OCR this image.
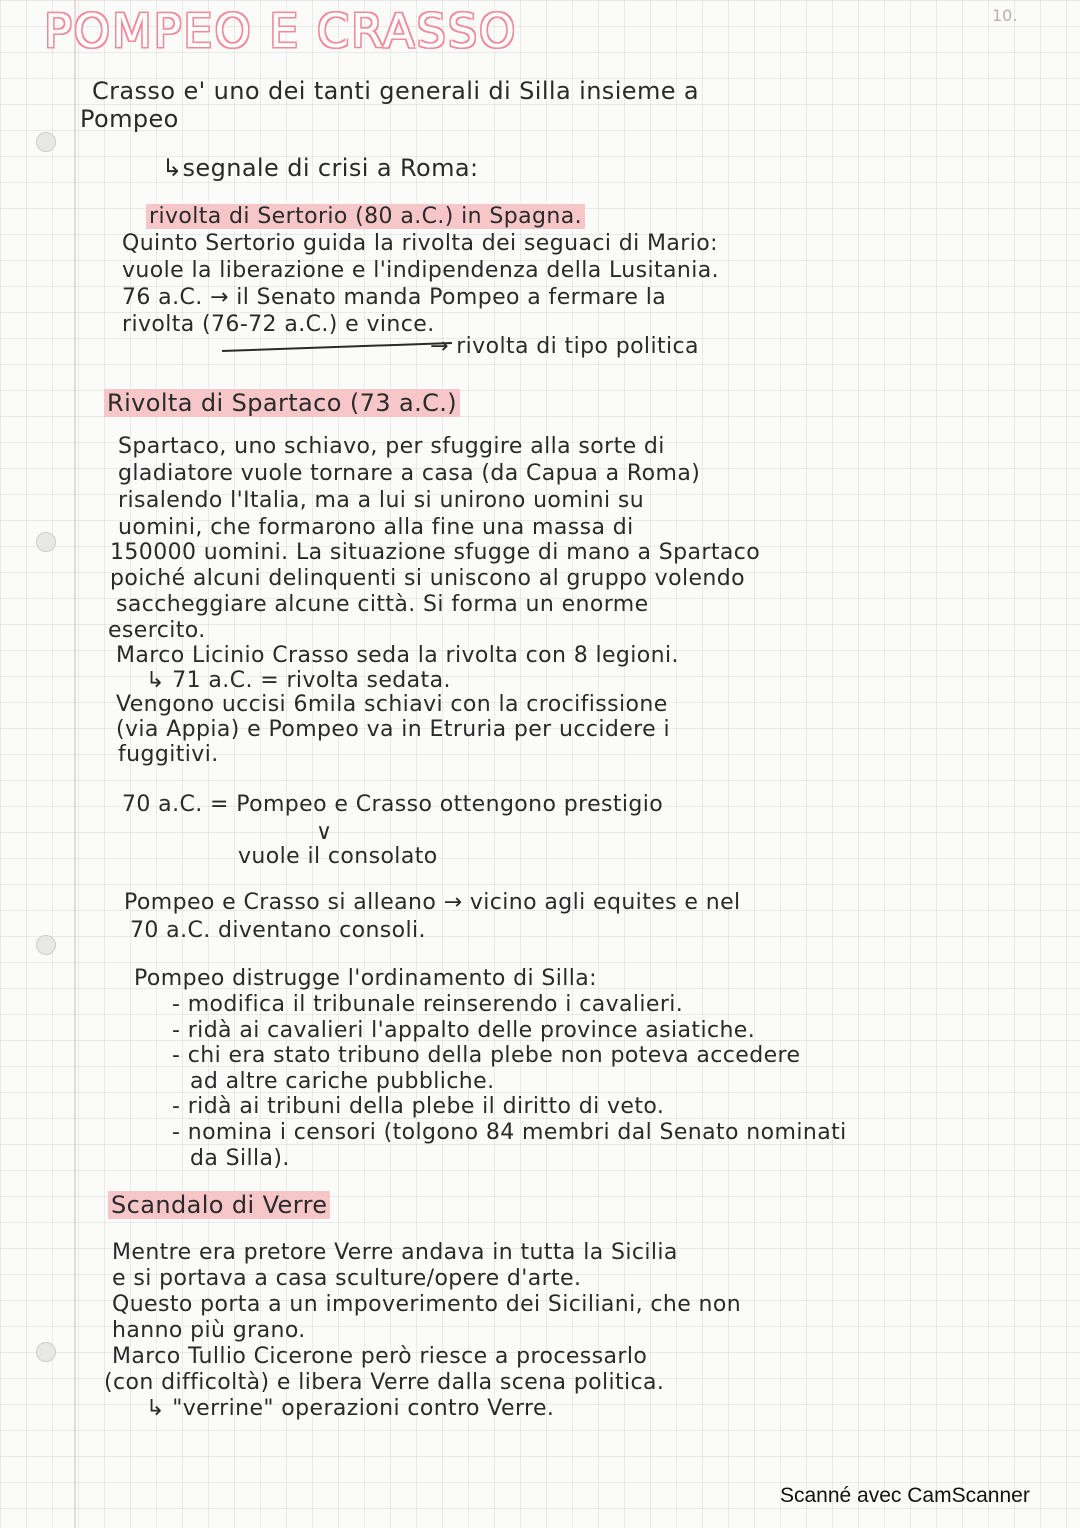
POMPEO E CRASSO	10.
Crasso e' uno dei tanti generali di Silla insieme a
Pompeo
↳segnale di crisi a Roma:
rivolta di Sertorio (80 a.C.) in Spagna.
Quinto Sertorio guida la rivolta dei seguaci di Mario:
vuole la liberazione e l'indipendenza della Lusitania.
76 a.C. → il Senato manda Pompeo a fermare la
rivolta (76-72 a.C.) e vince.
→ rivolta di tipo politica
Rivolta di Spartaco (73 a.C.)
Spartaco, uno schiavo, per sfuggire alla sorte di
gladiatore vuole tornare a casa (da Capua a Roma)
risalendo l'Italia, ma a lui si unirono uomini su
uomini, che formarono alla fine una massa di
150000 uomini. La situazione sfugge di mano a Spartaco
poiché alcuni delinquenti si uniscono al gruppo volendo
saccheggiare alcune città. Si forma un enorme
esercito.
Marco Licinio Crasso seda la rivolta con 8 legioni.
↳ 71 a.C. = rivolta sedata.
Vengono uccisi 6mila schiavi con la crocifissione
(via Appia) e Pompeo va in Etruria per uccidere i
fuggitivi.
70 a.C. = Pompeo e Crasso ottengono prestigio
∨
vuole il consolato
Pompeo e Crasso si alleano → vicino agli equites e nel
70 a.C. diventano consoli.
Pompeo distrugge l'ordinamento di Silla:
- modifica il tribunale reinserendo i cavalieri.
- ridà ai cavalieri l'appalto delle province asiatiche.
- chi era stato tribuno della plebe non poteva accedere
ad altre cariche pubbliche.
- ridà ai tribuni della plebe il diritto di veto.
- nomina i censori (tolgono 84 membri dal Senato nominati
da Silla).
Scandalo di Verre
Mentre era pretore Verre andava in tutta la Sicilia
e si portava a casa sculture/opere d'arte.
Questo porta a un impoverimento dei Siciliani, che non
hanno più grano.
Marco Tullio Cicerone però riesce a processarlo
(con difficoltà) e libera Verre dalla scena politica.
↳ "verrine" operazioni contro Verre.
Scanné avec CamScanner
